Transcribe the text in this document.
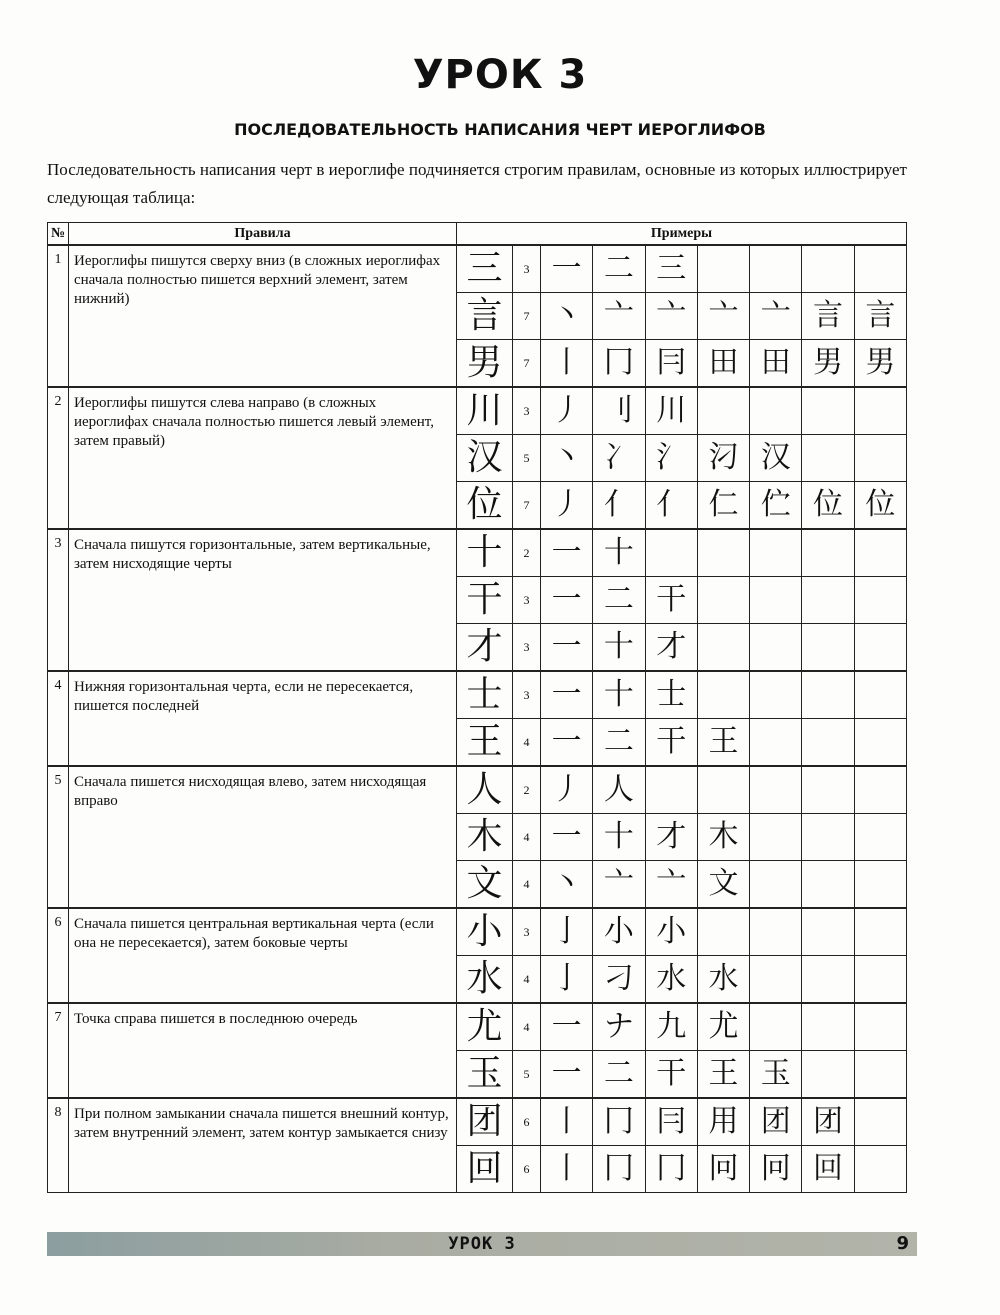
УРОК 3
ПОСЛЕДОВАТЕЛЬНОСТЬ НАПИСАНИЯ ЧЕРТ ИЕРОГЛИФОВ
Последовательность написания черт в иероглифе подчиняется строгим правилам, основные из которых иллюстрирует следующая таблица:
№	Правила	Примеры								
1	Иероглифы пишутся сверху вниз (в сложных иероглифах сначала полностью пишется верхний элемент, затем нижний)	三	3	一	二	三				
		言	7	丶	亠	亠	亠	亠	言	言
		男	7	丨	冂	冃	田	田	男	男
2	Иероглифы пишутся слева направо (в сложных иероглифах сначала полностью пишется левый элемент, затем правый)	川	3	丿	刂	川				
		汉	5	丶	冫	氵	汈	汉		
		位	7	丿	亻	亻	仁	伫	位	位
3	Сначала пишутся горизонтальные, затем вертикальные, затем нисходящие черты	十	2	一	十					
		干	3	一	二	干				
		才	3	一	十	才				
4	Нижняя горизонтальная черта, если не пересекается, пишется последней	士	3	一	十	士				
		王	4	一	二	干	王			
5	Сначала пишется нисходящая влево, затем нисходящая вправо	人	2	丿	人					
		木	4	一	十	才	木			
		文	4	丶	亠	亠	文			
6	Сначала пишется центральная вертикальная черта (если она не пересекается), затем боковые черты	小	3	亅	小	小				
		水	4	亅	刁	水	水			
7	Точка справа пишется в последнюю очередь	尤	4	一	ナ	九	尤			
		玉	5	一	二	干	王	玉		
8	При полном замыкании сначала пишется внешний контур, затем внутренний элемент, затем контур замыкается снизу	团	6	丨	冂	冃	用	团	团	
		回	6	丨	冂	冂	冋	冋	回	
УРОК 3	9
